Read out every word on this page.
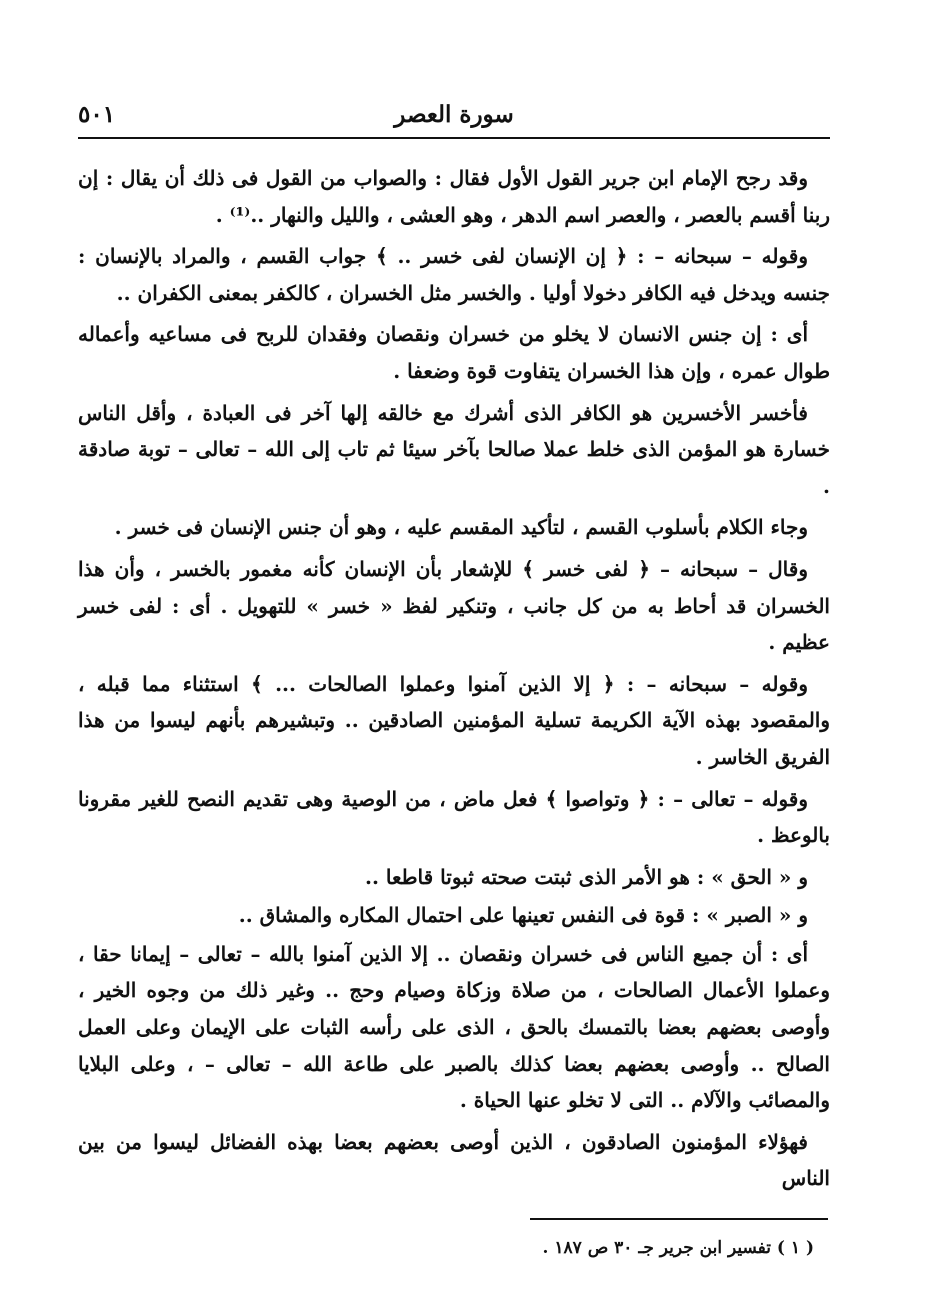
سورة العصر
٥٠١

وقد رجح الإمام ابن جرير القول الأول فقال : والصواب من القول فى ذلك أن يقال : إن ربنا أقسم بالعصر ، والعصر اسم الدهر ، وهو العشى ، والليل والنهار ..⁽¹⁾ .

وقوله – سبحانه – : ﴿ إن الإنسان لفى خسر .. ﴾ جواب القسم ، والمراد بالإنسان : جنسه ويدخل فيه الكافر دخولا أوليا . والخسر مثل الخسران ، كالكفر بمعنى الكفران ..

أى : إن جنس الانسان لا يخلو من خسران ونقصان وفقدان للربح فى مساعيه وأعماله طوال عمره ، وإن هذا الخسران يتفاوت قوة وضعفا .

فأخسر الأخسرين هو الكافر الذى أشرك مع خالقه إلها آخر فى العبادة ، وأقل الناس خسارة هو المؤمن الذى خلط عملا صالحا بآخر سيئا ثم تاب إلى الله – تعالى – توبة صادقة .

وجاء الكلام بأسلوب القسم ، لتأكيد المقسم عليه ، وهو أن جنس الإنسان فى خسر .

وقال – سبحانه – ﴿ لفى خسر ﴾ للإشعار بأن الإنسان كأنه مغمور بالخسر ، وأن هذا الخسران قد أحاط به من كل جانب ، وتنكير لفظ « خسر » للتهويل . أى : لفى خسر عظيم .

وقوله – سبحانه – : ﴿ إلا الذين آمنوا وعملوا الصالحات ... ﴾ استثناء مما قبله ، والمقصود بهذه الآية الكريمة تسلية المؤمنين الصادقين .. وتبشيرهم بأنهم ليسوا من هذا الفريق الخاسر .

وقوله – تعالى – : ﴿ وتواصوا ﴾ فعل ماض ، من الوصية وهى تقديم النصح للغير مقرونا بالوعظ .

و « الحق » : هو الأمر الذى ثبتت صحته ثبوتا قاطعا ..

و « الصبر » : قوة فى النفس تعينها على احتمال المكاره والمشاق ..

أى : أن جميع الناس فى خسران ونقصان .. إلا الذين آمنوا بالله – تعالى – إيمانا حقا ، وعملوا الأعمال الصالحات ، من صلاة وزكاة وصيام وحج .. وغير ذلك من وجوه الخير ، وأوصى بعضهم بعضا بالتمسك بالحق ، الذى على رأسه الثبات على الإيمان وعلى العمل الصالح .. وأوصى بعضهم بعضا كذلك بالصبر على طاعة الله – تعالى – ، وعلى البلايا والمصائب والآلام .. التى لا تخلو عنها الحياة .

فهؤلاء المؤمنون الصادقون ، الذين أوصى بعضهم بعضا بهذه الفضائل ليسوا من بين الناس

( ١ ) تفسير ابن جرير جـ ٣٠ ص ١٨٧ .
